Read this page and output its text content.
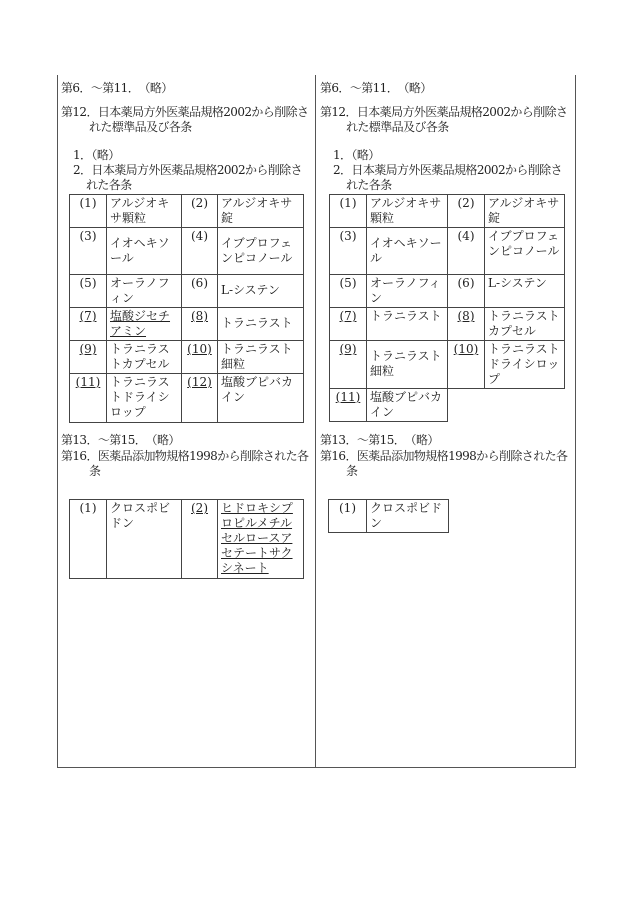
第6．～第11．　（略）
第12．日本薬局方外医薬品規格2002から削除さ
れた標準品及び各条
1．（略）
2．日本薬局方外医薬品規格2002から削除さ
れた各条
(1)	アルジオキサ顆粒	(2)	アルジオキサ錠
(3)	イオヘキソール	(4)	イブプロフェンピコノール
(5)	オーラノフィン	(6)	L-システン
(7)	塩酸ジセチアミン	(8)	トラニラスト
(9)	トラニラストカプセル	(10)	トラニラスト細粒
(11)	トラニラストドライシロップ	(12)	塩酸ブピバカイン
第13．～第15．　（略）
第16．医薬品添加物規格1998から削除された各
条
(1)	クロスポビドン	(2)	ヒドロキシプロピルメチルセルロースアセテートサクシネート
第6．～第11．　（略）
第12．日本薬局方外医薬品規格2002から削除さ
れた標準品及び各条
1．（略）
2．日本薬局方外医薬品規格2002から削除さ
れた各条
(1)	アルジオキサ顆粒	(2)	アルジオキサ錠
(3)	イオヘキソール	(4)	イブプロフェンピコノール
(5)	オーラノフィン	(6)	L-システン
(7)	トラニラスト	(8)	トラニラストカプセル
(9)	トラニラスト細粒	(10)	トラニラストドライシロップ
(11)	塩酸ブピバカイン		
第13．～第15．　（略）
第16．医薬品添加物規格1998から削除された各
条
(1)	クロスポビドン
